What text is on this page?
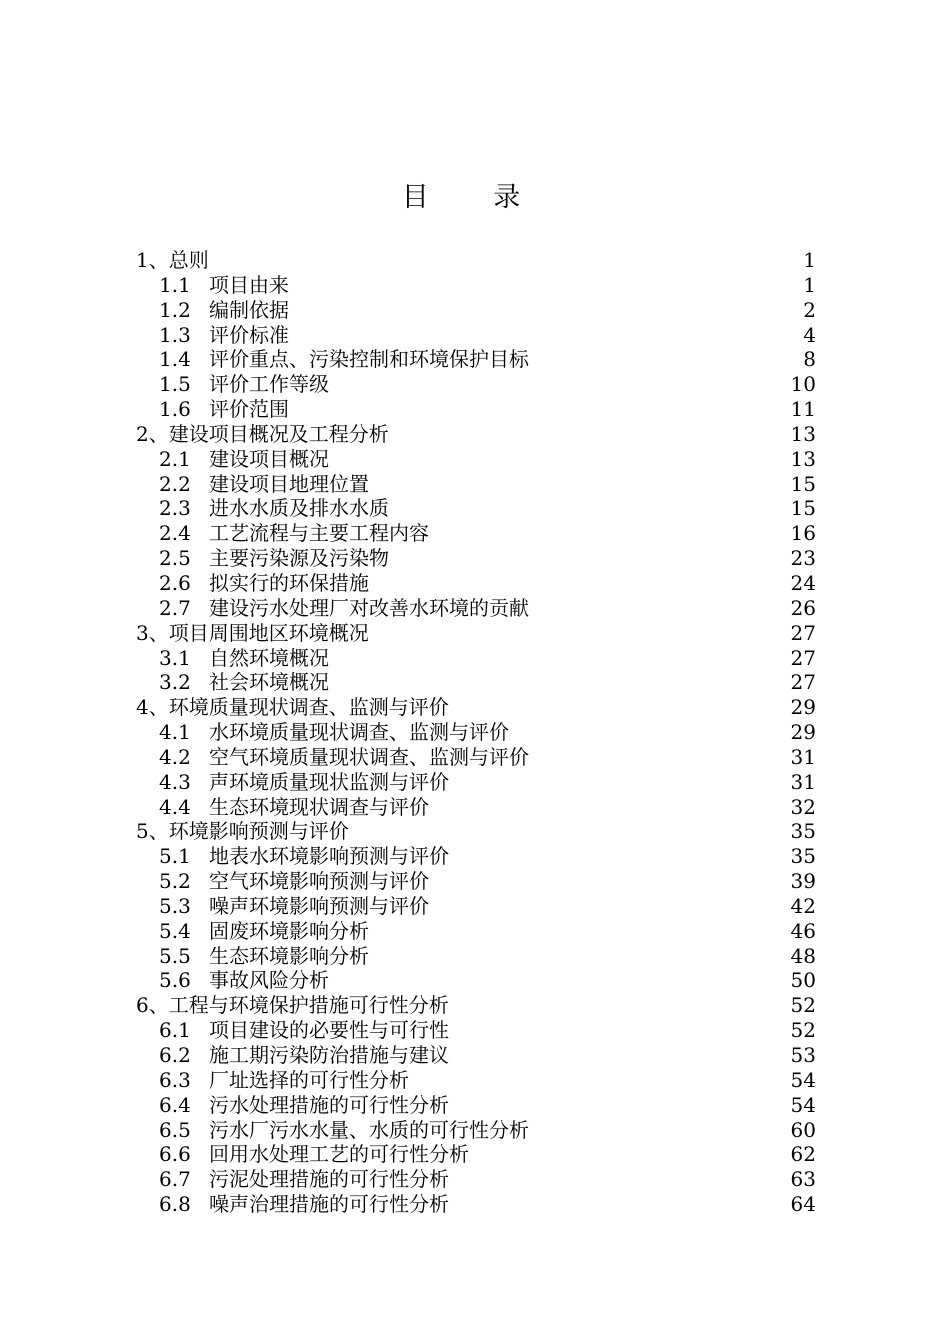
目 录
1、总则	1
1.1 项目由来	1
1.2 编制依据	2
1.3 评价标准	4
1.4 评价重点、污染控制和环境保护目标	8
1.5 评价工作等级	10
1.6 评价范围	11
2、建设项目概况及工程分析	13
2.1 建设项目概况	13
2.2 建设项目地理位置	15
2.3 进水水质及排水水质	15
2.4 工艺流程与主要工程内容	16
2.5 主要污染源及污染物	23
2.6 拟实行的环保措施	24
2.7 建设污水处理厂对改善水环境的贡献	26
3、项目周围地区环境概况	27
3.1 自然环境概况	27
3.2 社会环境概况	27
4、环境质量现状调查、监测与评价	29
4.1 水环境质量现状调查、监测与评价	29
4.2 空气环境质量现状调查、监测与评价	31
4.3 声环境质量现状监测与评价	31
4.4 生态环境现状调查与评价	32
5、环境影响预测与评价	35
5.1 地表水环境影响预测与评价	35
5.2 空气环境影响预测与评价	39
5.3 噪声环境影响预测与评价	42
5.4 固废环境影响分析	46
5.5 生态环境影响分析	48
5.6 事故风险分析	50
6、工程与环境保护措施可行性分析	52
6.1 项目建设的必要性与可行性	52
6.2 施工期污染防治措施与建议	53
6.3 厂址选择的可行性分析	54
6.4 污水处理措施的可行性分析	54
6.5 污水厂污水水量、水质的可行性分析	60
6.6 回用水处理工艺的可行性分析	62
6.7 污泥处理措施的可行性分析	63
6.8 噪声治理措施的可行性分析	64
